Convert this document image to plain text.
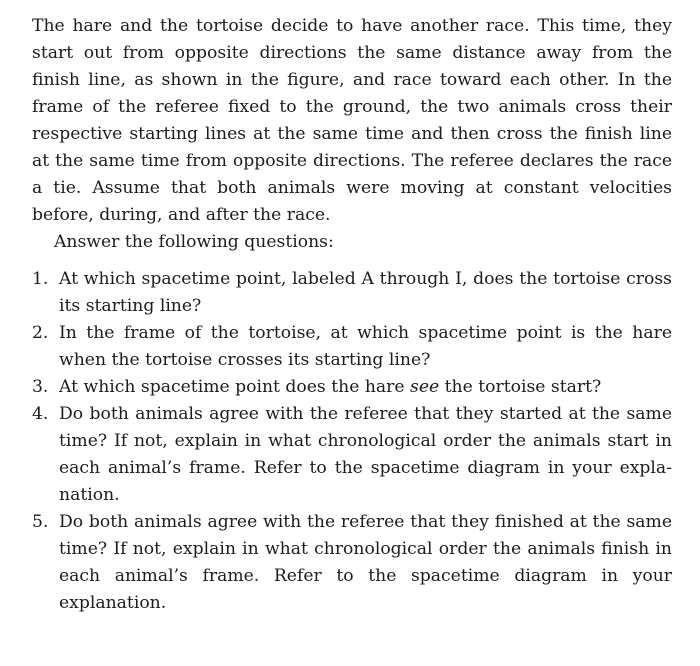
The hare and the tortoise decide to have another race. This time, they start out from opposite directions the same distance away from the finish line, as shown in the figure, and race toward each other. In the frame of the referee fixed to the ground, the two animals cross their respective starting lines at the same time and then cross the finish line at the same time from opposite directions. The referee declares the race a tie. Assume that both animals were moving at constant velocities before, during, and after the race.

Answer the following questions:

1. At which spacetime point, labeled A through I, does the tortoise cross its starting line?
2. In the frame of the tortoise, at which spacetime point is the hare when the tortoise crosses its starting line?
3. At which spacetime point does the hare see the tortoise start?
4. Do both animals agree with the referee that they started at the same time? If not, explain in what chronological order the animals start in each animal’s frame. Refer to the spacetime diagram in your explanation.
5. Do both animals agree with the referee that they finished at the same time? If not, explain in what chronological order the animals finish in each animal’s frame. Refer to the spacetime diagram in your explanation.
